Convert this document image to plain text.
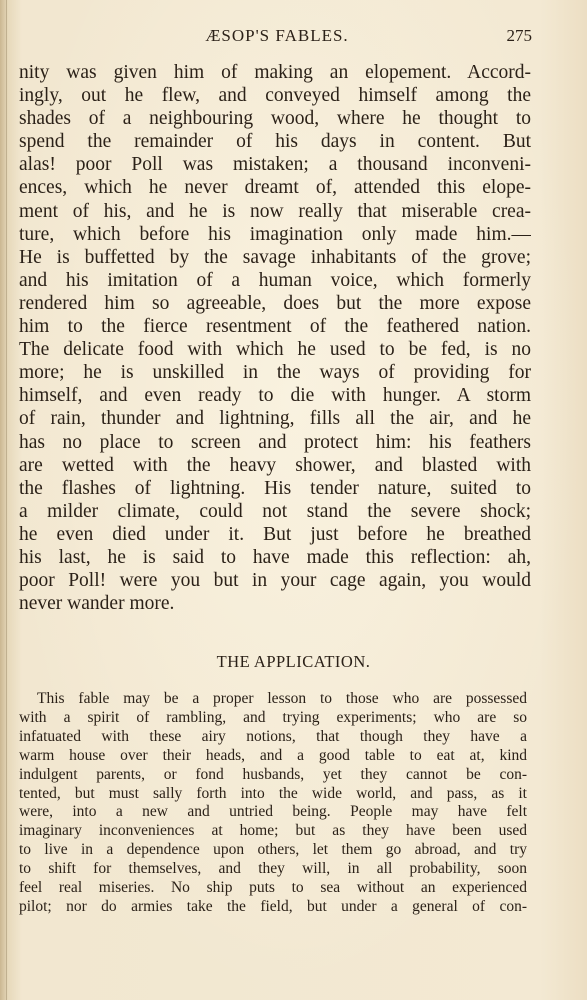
ÆSOP'S FABLES.	275
nity was given him of making an elopement. Accord-
ingly, out he flew, and conveyed himself among the
shades of a neighbouring wood, where he thought to
spend the remainder of his days in content. But
alas! poor Poll was mistaken; a thousand inconveni-
ences, which he never dreamt of, attended this elope-
ment of his, and he is now really that miserable crea-
ture, which before his imagination only made him.—
He is buffetted by the savage inhabitants of the grove;
and his imitation of a human voice, which formerly
rendered him so agreeable, does but the more expose
him to the fierce resentment of the feathered nation.
The delicate food with which he used to be fed, is no
more; he is unskilled in the ways of providing for
himself, and even ready to die with hunger. A storm
of rain, thunder and lightning, fills all the air, and he
has no place to screen and protect him: his feathers
are wetted with the heavy shower, and blasted with
the flashes of lightning. His tender nature, suited to
a milder climate, could not stand the severe shock;
he even died under it. But just before he breathed
his last, he is said to have made this reflection: ah,
poor Poll! were you but in your cage again, you would
never wander more.
THE APPLICATION.
This fable may be a proper lesson to those who are possessed
with a spirit of rambling, and trying experiments; who are so
infatuated with these airy notions, that though they have a
warm house over their heads, and a good table to eat at, kind
indulgent parents, or fond husbands, yet they cannot be con-
tented, but must sally forth into the wide world, and pass, as it
were, into a new and untried being. People may have felt
imaginary inconveniences at home; but as they have been used
to live in a dependence upon others, let them go abroad, and try
to shift for themselves, and they will, in all probability, soon
feel real miseries. No ship puts to sea without an experienced
pilot; nor do armies take the field, but under a general of con-
